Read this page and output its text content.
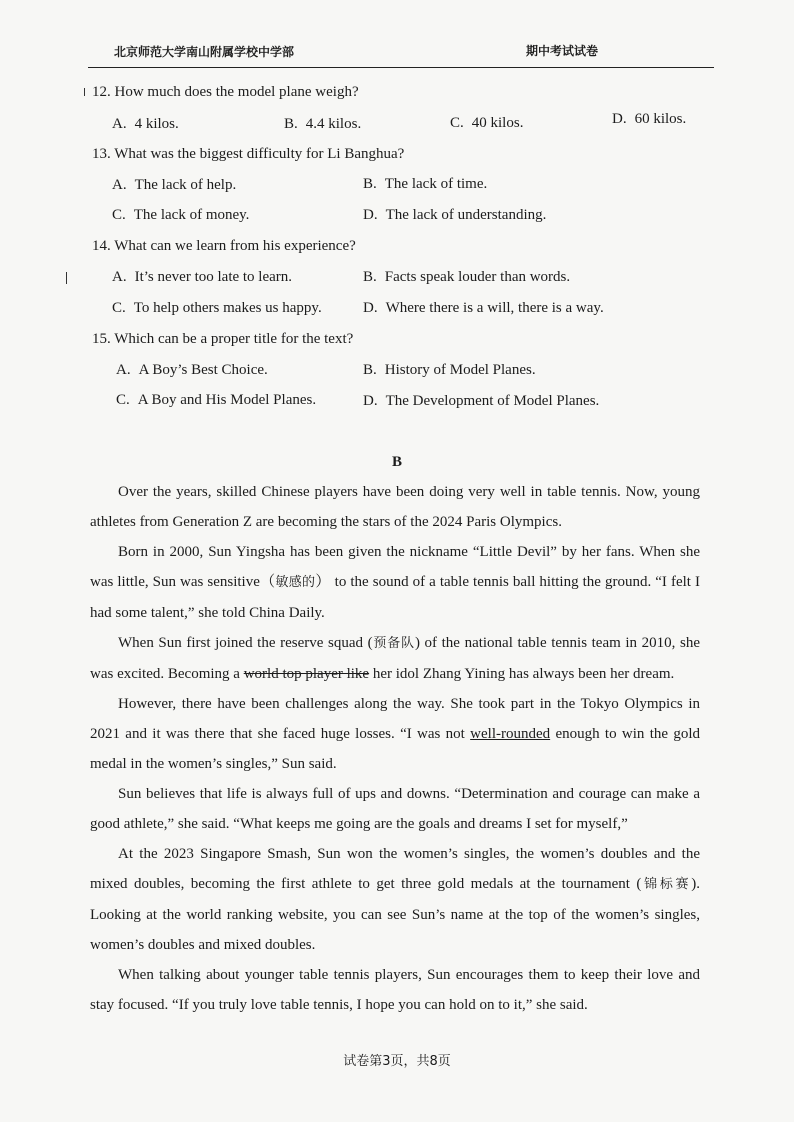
北京师范大学南山附属学校中学部	期中考试试卷
12. How much does the model plane weigh?
A. 4 kilos.	B. 4.4 kilos.	C. 40 kilos.	D. 60 kilos.
13. What was the biggest difficulty for Li Banghua?
A. The lack of help.	B. The lack of time.
C. The lack of money.	D. The lack of understanding.
14. What can we learn from his experience?
A. It’s never too late to learn.	B. Facts speak louder than words.
C. To help others makes us happy.	D. Where there is a will, there is a way.
15. Which can be a proper title for the text?
A. A Boy’s Best Choice.	B. History of Model Planes.
C. A Boy and His Model Planes.	D. The Development of Model Planes.
B

Over the years, skilled Chinese players have been doing very well in table tennis. Now, young athletes from Generation Z are becoming the stars of the 2024 Paris Olympics.

Born in 2000, Sun Yingsha has been given the nickname “Little Devil” by her fans. When she was little, Sun was sensitive（敏感的） to the sound of a table tennis ball hitting the ground. “I felt I had some talent,” she told China Daily.

When Sun first joined the reserve squad (预备队) of the national table tennis team in 2010, she was excited. Becoming a world top player like her idol Zhang Yining has always been her dream.

However, there have been challenges along the way. She took part in the Tokyo Olympics in 2021 and it was there that she faced huge losses. “I was not well-rounded enough to win the gold medal in the women’s singles,” Sun said.

Sun believes that life is always full of ups and downs. “Determination and courage can make a good athlete,” she said. “What keeps me going are the goals and dreams I set for myself,”

At the 2023 Singapore Smash, Sun won the women’s singles, the women’s doubles and the mixed doubles, becoming the first athlete to get three gold medals at the tournament (锦标赛). Looking at the world ranking website, you can see Sun’s name at the top of the women’s singles, women’s doubles and mixed doubles.

When talking about younger table tennis players, Sun encourages them to keep their love and stay focused. “If you truly love table tennis, I hope you can hold on to it,” she said.

试卷第3页，共8页
